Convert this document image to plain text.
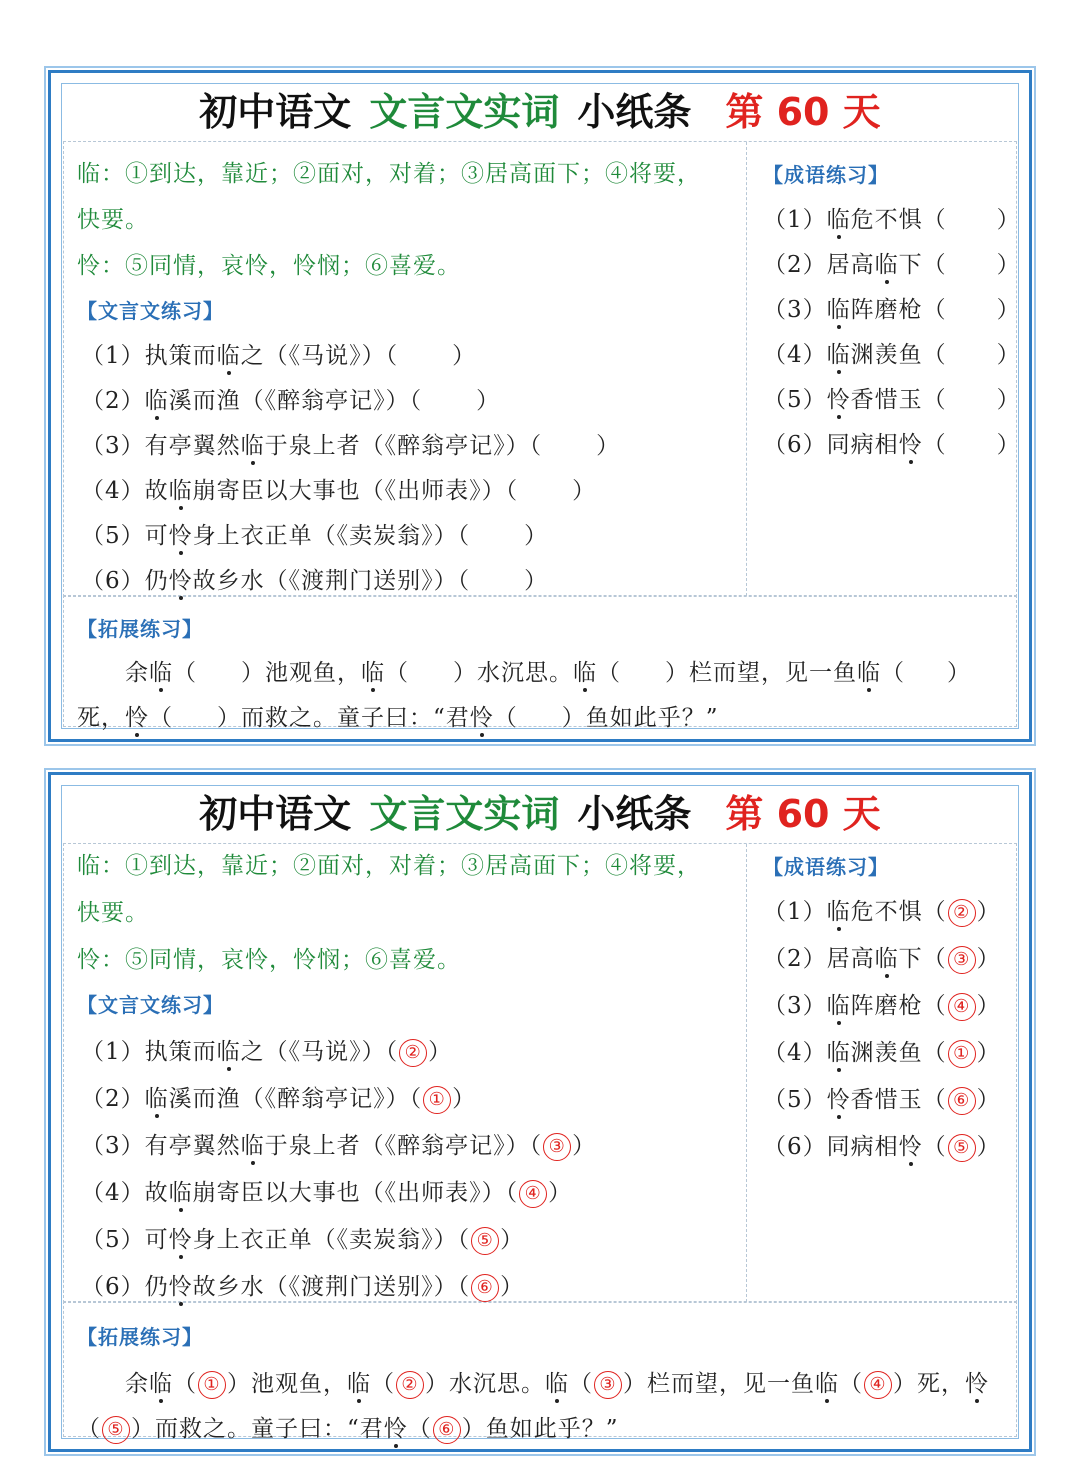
初中语文 文言文实词 小纸条 第 60 天
临：①到达，靠近；②面对，对着；③居高面下；④将要，
快要。
怜：⑤同情，哀怜，怜悯；⑥喜爱。
【文言文练习】
（1）执策而临之（《马说》）（ ）
（2）临溪而渔（《醉翁亭记》）（ ）
（3）有亭翼然临于泉上者（《醉翁亭记》）（ ）
（4）故临崩寄臣以大事也（《出师表》）（ ）
（5）可怜身上衣正单（《卖炭翁》）（ ）
（6）仍怜故乡水（《渡荆门送别》）（ ）
【成语练习】
（1）临危不惧（ ）
（2）居高临下（ ）
（3）临阵磨枪（ ）
（4）临渊羡鱼（ ）
（5）怜香惜玉（ ）
（6）同病相怜（ ）
【拓展练习】
余临（ ）池观鱼，临（ ）水沉思。临（ ）栏而望，见一鱼临（ ）
死，怜（ ）而救之。童子曰：“君怜（ ）鱼如此乎？”
初中语文 文言文实词 小纸条 第 60 天
临：①到达，靠近；②面对，对着；③居高面下；④将要，
快要。
怜：⑤同情，哀怜，怜悯；⑥喜爱。
【文言文练习】
（1）执策而临之（《马说》）（ ② ）
（2）临溪而渔（《醉翁亭记》）（ ① ）
（3）有亭翼然临于泉上者（《醉翁亭记》）（ ③ ）
（4）故临崩寄臣以大事也（《出师表》）（ ④ ）
（5）可怜身上衣正单（《卖炭翁》）（ ⑤ ）
（6）仍怜故乡水（《渡荆门送别》）（ ⑥ ）
【成语练习】
（1）临危不惧（ ② ）
（2）居高临下（ ③ ）
（3）临阵磨枪（ ④ ）
（4）临渊羡鱼（ ① ）
（5）怜香惜玉（ ⑥ ）
（6）同病相怜（ ⑤ ）
【拓展练习】
余临（ ① ）池观鱼，临（ ② ）水沉思。临（ ③ ）栏而望，见一鱼临（ ④ ）死，怜
（ ⑤ ）而救之。童子曰：“君怜（ ⑥ ）鱼如此乎？”
